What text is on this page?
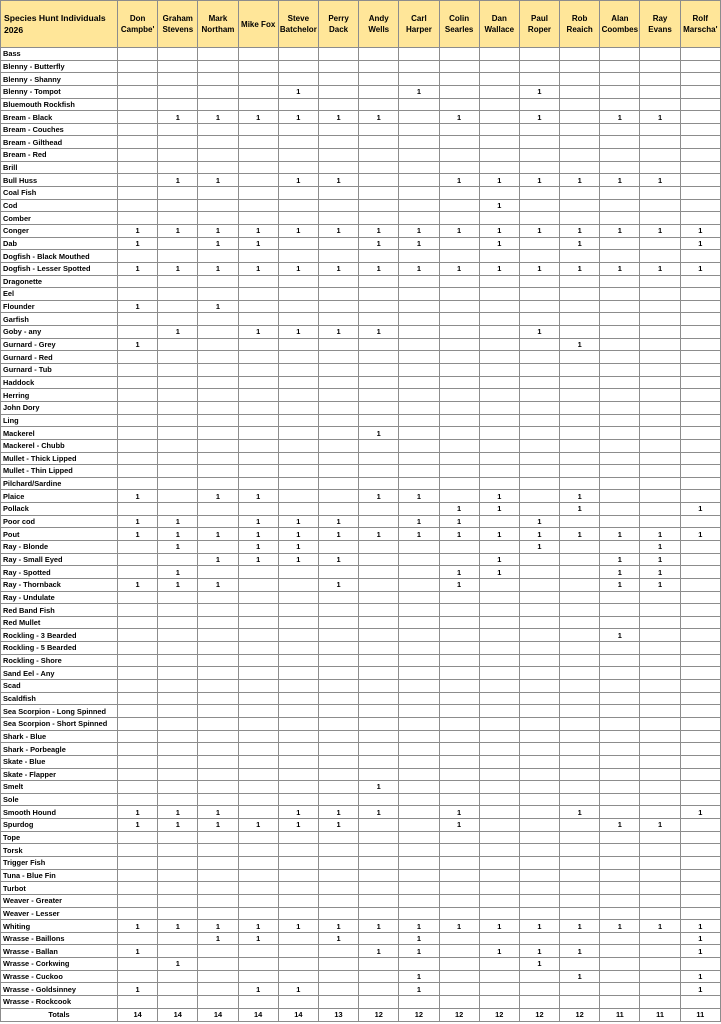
Species Hunt Individuals 2026	Don Campbe'	Graham Stevens	Mark Northam	Mike Fox	Steve Batchelor	Perry Dack	Andy Wells	Carl Harper	Colin Searles	Dan Wallace	Paul Roper	Rob Reaich	Alan Coombes	Ray Evans	Rolf Marscha'
Bass															
Blenny - Butterfly															
Blenny - Shanny															
Blenny - Tompot					1			1			1				
Bluemouth Rockfish															
Bream - Black		1	1	1	1	1	1		1		1		1	1	
Bream - Couches															
Bream - Gilthead															
Bream - Red															
Brill															
Bull Huss		1	1		1	1			1	1	1	1	1	1	
Coal Fish															
Cod										1					
Comber															
Conger	1	1	1	1	1	1	1	1	1	1	1	1	1	1	1
Dab	1		1	1			1	1		1		1			1
Dogfish - Black Mouthed															
Dogfish - Lesser Spotted	1	1	1	1	1	1	1	1	1	1	1	1	1	1	1
Dragonette															
Eel															
Flounder	1		1												
Garfish															
Goby - any		1		1	1	1	1				1				
Gurnard - Grey	1											1			
Gurnard - Red															
Gurnard - Tub															
Haddock															
Herring															
John Dory															
Ling															
Mackerel							1								
Mackerel - Chubb															
Mullet - Thick Lipped															
Mullet - Thin Lipped															
Pilchard/Sardine															
Plaice	1		1	1			1	1		1		1			
Pollack									1	1		1			1
Poor cod	1	1		1	1	1		1	1		1				
Pout	1	1	1	1	1	1	1	1	1	1	1	1	1	1	1
Ray - Blonde		1		1	1						1			1	
Ray - Small Eyed			1	1	1	1				1			1	1	
Ray - Spotted		1							1	1			1	1	
Ray - Thornback	1	1	1			1			1				1	1	
Ray - Undulate															
Red Band Fish															
Red Mullet															
Rockling - 3 Bearded													1		
Rockling - 5 Bearded															
Rockling - Shore															
Sand Eel - Any															
Scad															
Scaldfish															
Sea Scorpion - Long Spinned															
Sea Scorpion - Short Spinned															
Shark - Blue															
Shark - Porbeagle															
Skate - Blue															
Skate - Flapper															
Smelt							1								
Sole															
Smooth Hound	1	1	1		1	1	1		1			1			1
Spurdog	1	1	1	1	1	1			1				1	1	
Tope															
Torsk															
Trigger Fish															
Tuna - Blue Fin															
Turbot															
Weaver - Greater															
Weaver - Lesser															
Whiting	1	1	1	1	1	1	1	1	1	1	1	1	1	1	1
Wrasse - Baillons			1	1		1		1							1
Wrasse - Ballan	1						1	1		1	1	1			1
Wrasse - Corkwing		1									1				
Wrasse - Cuckoo								1				1			1
Wrasse - Goldsinney	1			1	1			1							1
Wrasse - Rockcook															
Totals	14	14	14	14	14	13	12	12	12	12	12	12	11	11	11
